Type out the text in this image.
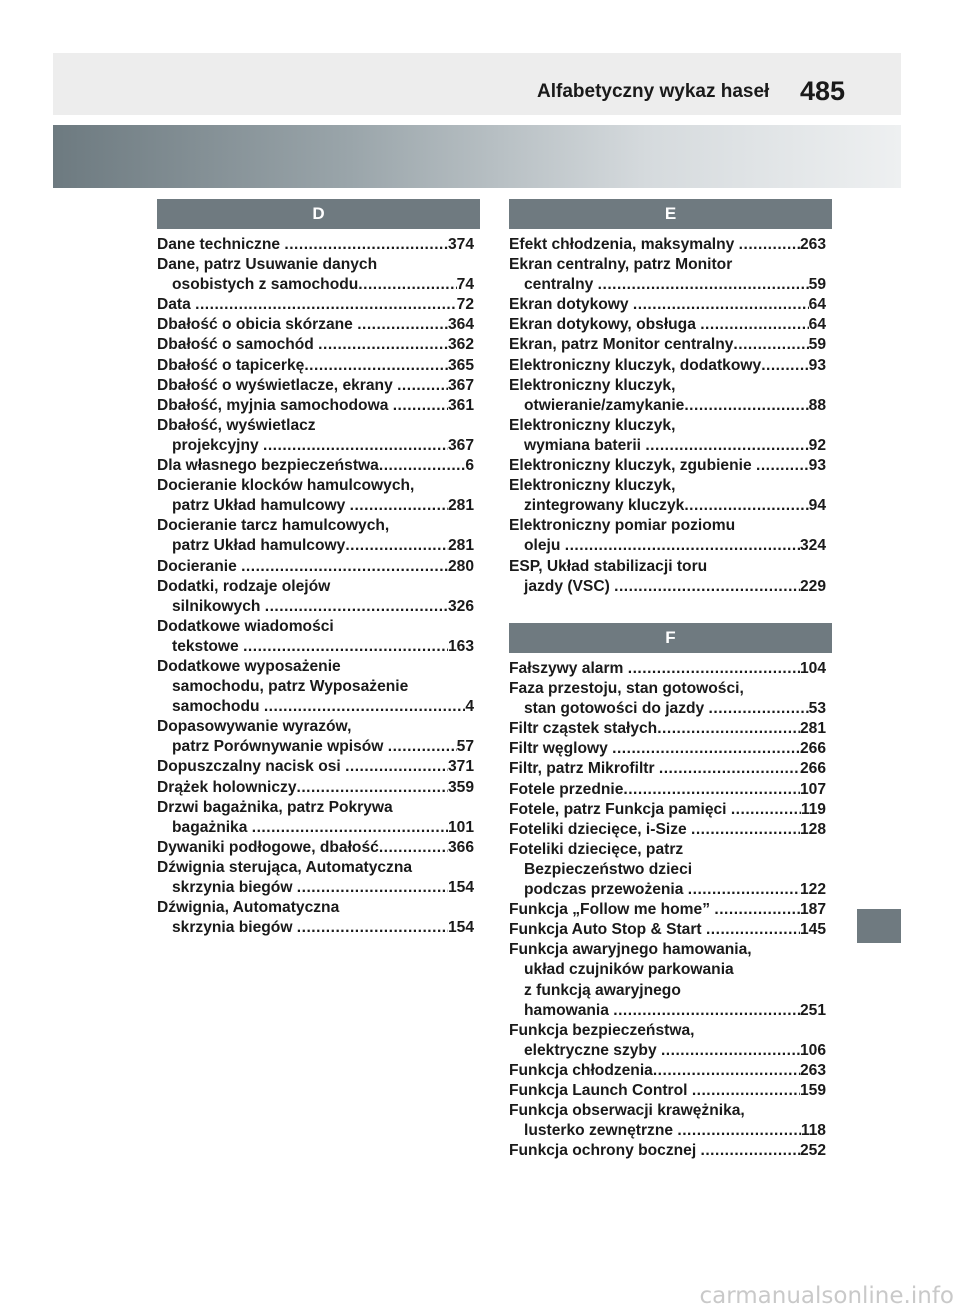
Alfabetyczny wykaz haseł 485
D
Dane techniczne .....	374
Dane, patrz Usuwanie danych
osobistych z samochodu .....	74
Data .....	72
Dbałość o obicia skórzane .....	364
Dbałość o samochód .....	362
Dbałość o tapicerkę .....	365
Dbałość o wyświetlacze, ekrany .....	367
Dbałość, myjnia samochodowa .....	361
Dbałość, wyświetlacz
projekcyjny .....	367
Dla własnego bezpieczeństwa .....	6
Docieranie klocków hamulcowych,
patrz Układ hamulcowy .....	281
Docieranie tarcz hamulcowych,
patrz Układ hamulcowy .....	281
Docieranie .....	280
Dodatki, rodzaje olejów
silnikowych .....	326
Dodatkowe wiadomości
tekstowe .....	163
Dodatkowe wyposażenie
samochodu, patrz Wyposażenie
samochodu .....	4
Dopasowywanie wyrazów,
patrz Porównywanie wpisów .....	57
Dopuszczalny nacisk osi .....	371
Drążek holowniczy .....	359
Drzwi bagażnika, patrz Pokrywa
bagażnika .....	101
Dywaniki podłogowe, dbałość .....	366
Dźwignia sterująca, Automatyczna
skrzynia biegów .....	154
Dźwignia, Automatyczna
skrzynia biegów .....	154
E
Efekt chłodzenia, maksymalny .....	263
Ekran centralny, patrz Monitor
centralny .....	59
Ekran dotykowy .....	64
Ekran dotykowy, obsługa .....	64
Ekran, patrz Monitor centralny .....	59
Elektroniczny kluczyk, dodatkowy .....	93
Elektroniczny kluczyk,
otwieranie/zamykanie .....	88
Elektroniczny kluczyk,
wymiana baterii .....	92
Elektroniczny kluczyk, zgubienie .....	93
Elektroniczny kluczyk,
zintegrowany kluczyk .....	94
Elektroniczny pomiar poziomu
oleju .....	324
ESP, Układ stabilizacji toru
jazdy (VSC) .....	229
F
Fałszywy alarm .....	104
Faza przestoju, stan gotowości,
stan gotowości do jazdy .....	53
Filtr cząstek stałych .....	281
Filtr węglowy .....	266
Filtr, patrz Mikrofiltr .....	266
Fotele przednie .....	107
Fotele, patrz Funkcja pamięci .....	119
Foteliki dziecięce, i-Size .....	128
Foteliki dziecięce, patrz
Bezpieczeństwo dzieci
podczas przewożenia .....	122
Funkcja „Follow me home” .....	187
Funkcja Auto Stop & Start .....	145
Funkcja awaryjnego hamowania,
układ czujników parkowania
z funkcją awaryjnego
hamowania .....	251
Funkcja bezpieczeństwa,
elektryczne szyby .....	106
Funkcja chłodzenia .....	263
Funkcja Launch Control .....	159
Funkcja obserwacji krawężnika,
lusterko zewnętrzne .....	118
Funkcja ochrony bocznej .....	252
carmanualsonline.info
